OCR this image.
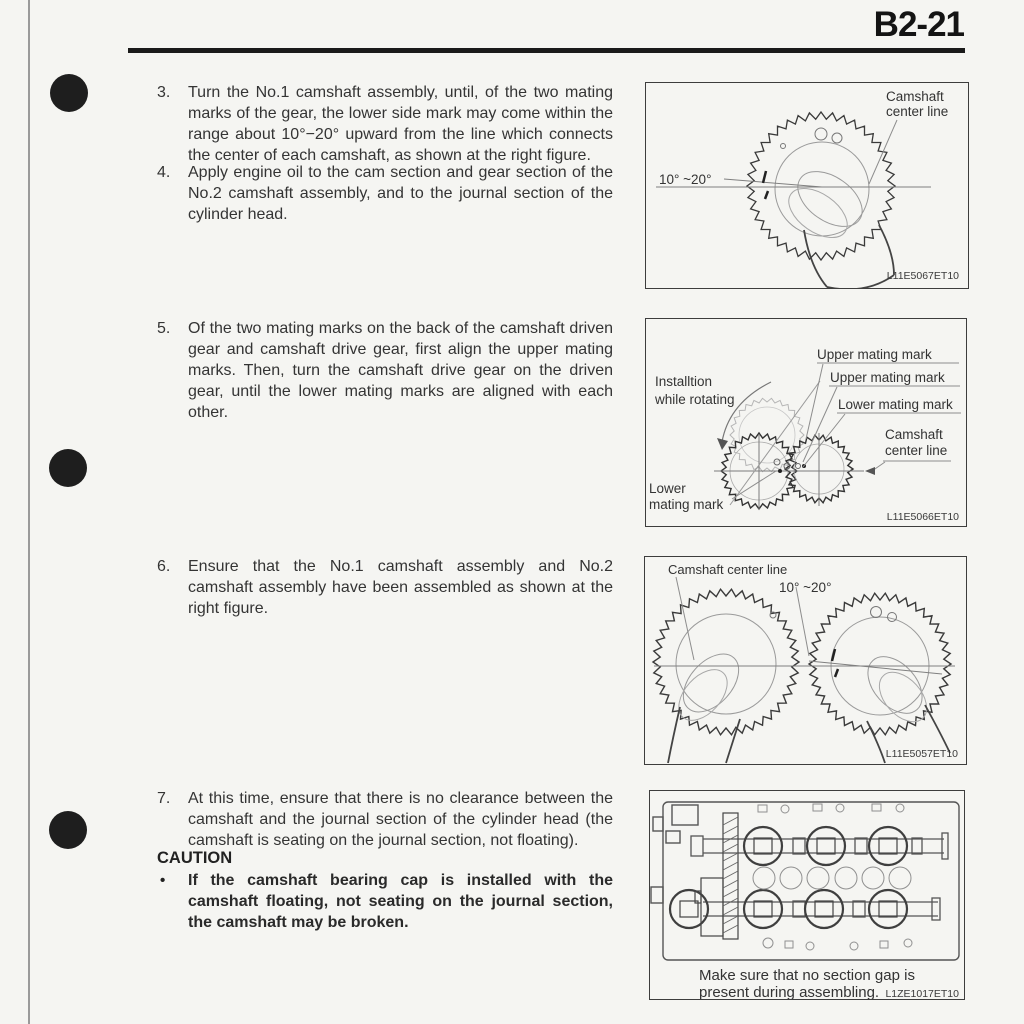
B2-21
3. Turn the No.1 camshaft assembly, until, of the two mating marks of the gear, the lower side mark may come within the range about 10°−20° upward from the line which connects the center of each camshaft, as shown at the right figure.

4. Apply engine oil to the cam section and gear section of the No.2 camshaft assembly, and to the journal section of the cylinder head.

5. Of the two mating marks on the back of the camshaft driven gear and camshaft drive gear, first align the upper mating marks. Then, turn the camshaft drive gear on the driven gear, until the lower mating marks are aligned with each other.

6. Ensure that the No.1 camshaft assembly and No.2 camshaft assembly have been assembled as shown at the right figure.

7. At this time, ensure that there is no clearance between the camshaft and the journal section of the cylinder head (the camshaft is seating on the journal section, not floating).

CAUTION
• If the camshaft bearing cap is installed with the camshaft floating, not seating on the journal section, the camshaft may be broken.

10° ~20°
Camshaft
center line
L11E5067ET10
Upper mating mark
Upper mating mark
Lower mating mark
Camshaft
center line
Installtion
while rotating
Lower
mating mark
L11E5066ET10
Camshaft center line
10° ~20°
L11E5057ET10
Make sure that no section gap is
present during assembling. L1ZE1017ET10
